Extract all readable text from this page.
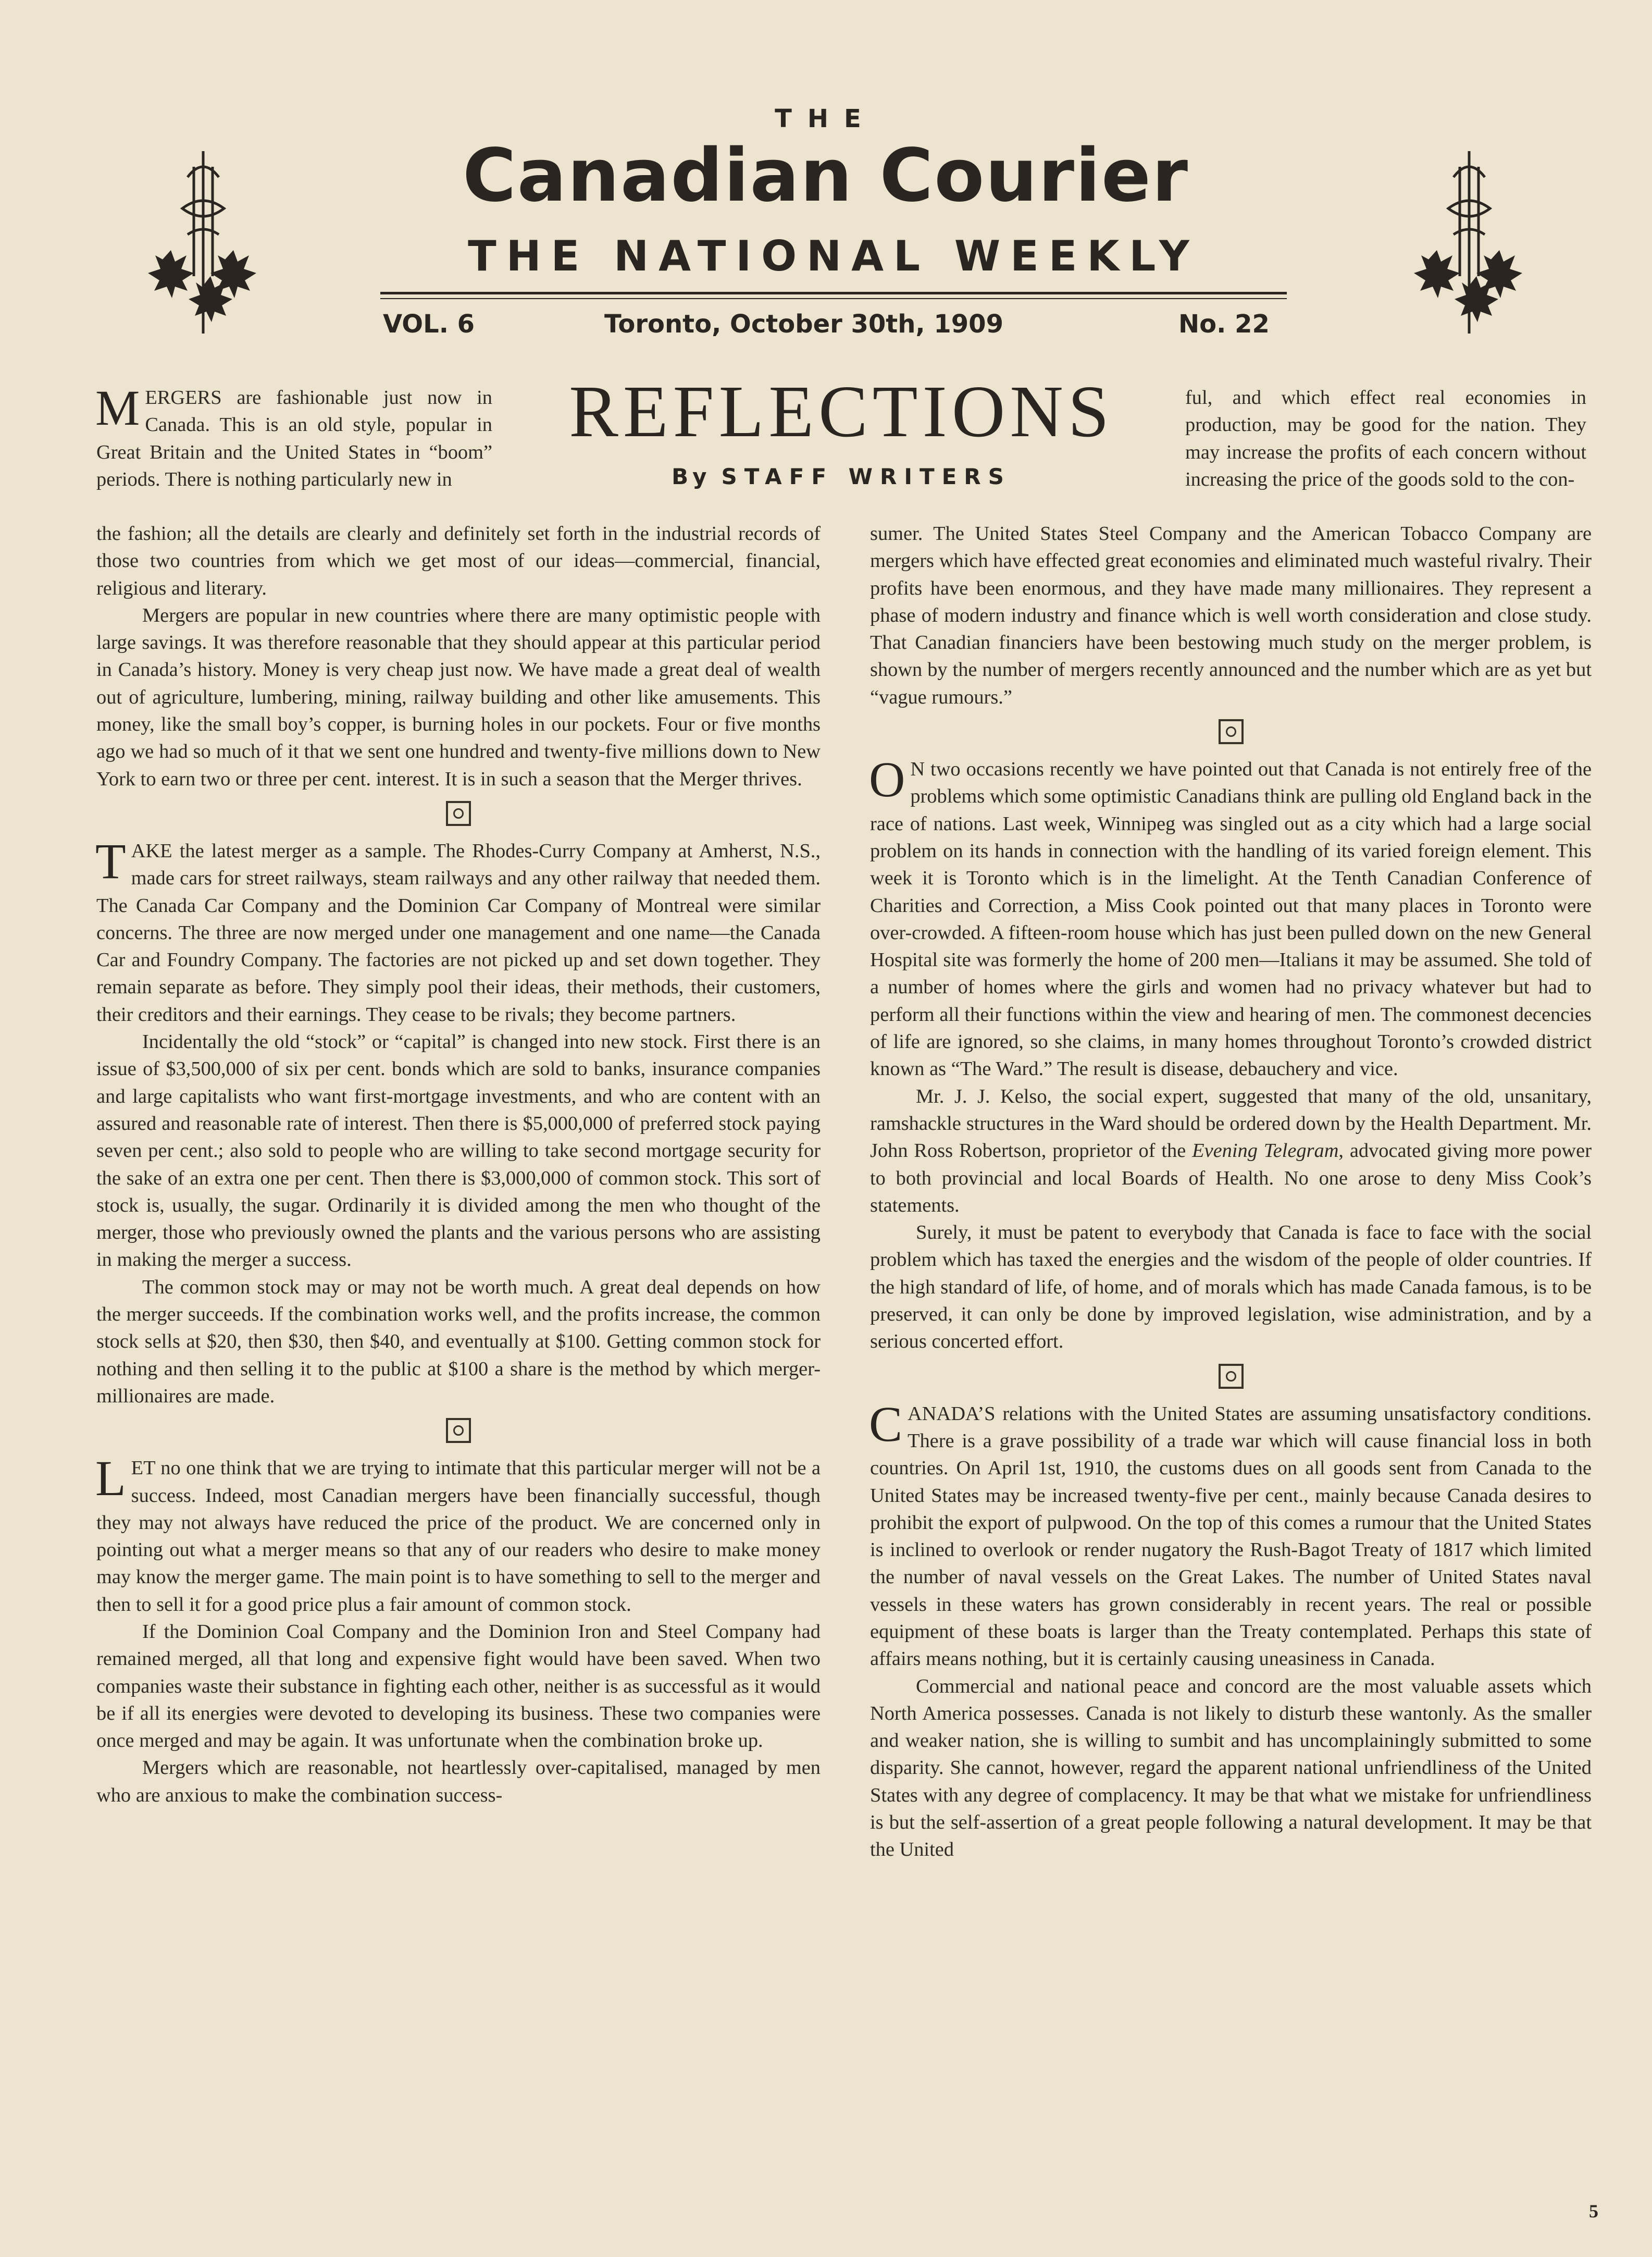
THE
Canadian Courier
THE NATIONAL WEEKLY
VOL. 6	Toronto, October 30th, 1909	No. 22
REFLECTIONS
By STAFF WRITERS

MERGERS are fashionable just now in Canada. This is an old style, popular in Great Britain and the United States in “boom” periods. There is nothing particularly new in

ful, and which effect real economies in production, may be good for the nation. They may increase the profits of each concern without increasing the price of the goods sold to the con-

the fashion; all the details are clearly and definitely set forth in the industrial records of those two countries from which we get most of our ideas—commercial, financial, religious and literary.

Mergers are popular in new countries where there are many optimistic people with large savings. It was therefore reasonable that they should appear at this particular period in Canada’s history. Money is very cheap just now. We have made a great deal of wealth out of agriculture, lumbering, mining, railway building and other like amusements. This money, like the small boy’s copper, is burning holes in our pockets. Four or five months ago we had so much of it that we sent one hundred and twenty-five millions down to New York to earn two or three per cent. interest. It is in such a season that the Merger thrives.

TAKE the latest merger as a sample. The Rhodes-Curry Company at Amherst, N.S., made cars for street railways, steam railways and any other railway that needed them. The Canada Car Company and the Dominion Car Company of Montreal were similar concerns. The three are now merged under one management and one name—the Canada Car and Foundry Company. The factories are not picked up and set down together. They remain separate as before. They simply pool their ideas, their methods, their customers, their creditors and their earnings. They cease to be rivals; they become partners.

Incidentally the old “stock” or “capital” is changed into new stock. First there is an issue of $3,500,000 of six per cent. bonds which are sold to banks, insurance companies and large capitalists who want first-mortgage investments, and who are content with an assured and reasonable rate of interest. Then there is $5,000,000 of preferred stock paying seven per cent.; also sold to people who are willing to take second mortgage security for the sake of an extra one per cent. Then there is $3,000,000 of common stock. This sort of stock is, usually, the sugar. Ordinarily it is divided among the men who thought of the merger, those who previously owned the plants and the various persons who are assisting in making the merger a success.

The common stock may or may not be worth much. A great deal depends on how the merger succeeds. If the combination works well, and the profits increase, the common stock sells at $20, then $30, then $40, and eventually at $100. Getting common stock for nothing and then selling it to the public at $100 a share is the method by which merger-millionaires are made.

LET no one think that we are trying to intimate that this particular merger will not be a success. Indeed, most Canadian mergers have been financially successful, though they may not always have reduced the price of the product. We are concerned only in pointing out what a merger means so that any of our readers who desire to make money may know the merger game. The main point is to have something to sell to the merger and then to sell it for a good price plus a fair amount of common stock.

If the Dominion Coal Company and the Dominion Iron and Steel Company had remained merged, all that long and expensive fight would have been saved. When two companies waste their substance in fighting each other, neither is as successful as it would be if all its energies were devoted to developing its business. These two companies were once merged and may be again. It was unfortunate when the combination broke up.

Mergers which are reasonable, not heartlessly over-capitalised, managed by men who are anxious to make the combination success-

sumer. The United States Steel Company and the American Tobacco Company are mergers which have effected great economies and eliminated much wasteful rivalry. Their profits have been enormous, and they have made many millionaires. They represent a phase of modern industry and finance which is well worth consideration and close study. That Canadian financiers have been bestowing much study on the merger problem, is shown by the number of mergers recently announced and the number which are as yet but “vague rumours.”

O N two occasions recently we have pointed out that Canada is not entirely free of the problems which some optimistic Canadians think are pulling old England back in the race of nations. Last week, Winnipeg was singled out as a city which had a large social problem on its hands in connection with the handling of its varied foreign element. This week it is Toronto which is in the limelight. At the Tenth Canadian Conference of Charities and Correction, a Miss Cook pointed out that many places in Toronto were over-crowded. A fifteen-room house which has just been pulled down on the new General Hospital site was formerly the home of 200 men—Italians it may be assumed. She told of a number of homes where the girls and women had no privacy whatever but had to perform all their functions within the view and hearing of men. The commonest decencies of life are ignored, so she claims, in many homes throughout Toronto’s crowded district known as “The Ward.” The result is disease, debauchery and vice.

Mr. J. J. Kelso, the social expert, suggested that many of the old, unsanitary, ramshackle structures in the Ward should be ordered down by the Health Department. Mr. John Ross Robertson, proprietor of the Evening Telegram, advocated giving more power to both provincial and local Boards of Health. No one arose to deny Miss Cook’s statements.

Surely, it must be patent to everybody that Canada is face to face with the social problem which has taxed the energies and the wisdom of the people of older countries. If the high standard of life, of home, and of morals which has made Canada famous, is to be preserved, it can only be done by improved legislation, wise administration, and by a serious concerted effort.

CANADA’S relations with the United States are assuming unsatisfactory conditions. There is a grave possibility of a trade war which will cause financial loss in both countries. On April 1st, 1910, the customs dues on all goods sent from Canada to the United States may be increased twenty-five per cent., mainly because Canada desires to prohibit the export of pulpwood. On the top of this comes a rumour that the United States is inclined to overlook or render nugatory the Rush-Bagot Treaty of 1817 which limited the number of naval vessels on the Great Lakes. The number of United States naval vessels in these waters has grown considerably in recent years. The real or possible equipment of these boats is larger than the Treaty contemplated. Perhaps this state of affairs means nothing, but it is certainly causing uneasiness in Canada.

Commercial and national peace and concord are the most valuable assets which North America possesses. Canada is not likely to disturb these wantonly. As the smaller and weaker nation, she is willing to sumbit and has uncomplainingly submitted to some disparity. She cannot, however, regard the apparent national unfriendliness of the United States with any degree of complacency. It may be that what we mistake for unfriendliness is but the self-assertion of a great people following a natural development. It may be that the United

5
